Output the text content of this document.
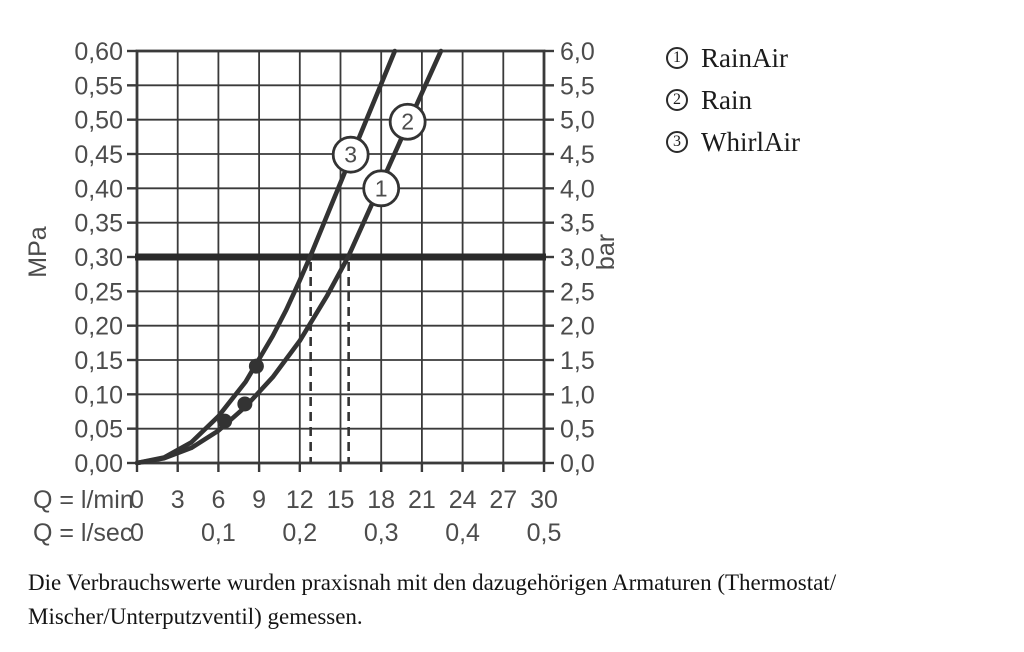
0,60	6,0
0,55	5,5
0,50	5,0
0,45	4,5
0,40	4,0
0,35	3,5
0,30	3,0
0,25	2,5
0,20	2,0
0,15	1,5
0,10	1,0
0,05	0,5
0,00	0,0
0 3 6 9 12 15 18 21 24 27 30
0 0,1 0,2 0,3 0,4 0,5
MPa	bar
Q = l/min
Q = l/sec
1
2
3
1 RainAir
2 Rain
3 WhirlAir
Die Verbrauchswerte wurden praxisnah mit den dazugehörigen Armaturen (Thermostat/
Mischer/Unterputzventil) gemessen.
